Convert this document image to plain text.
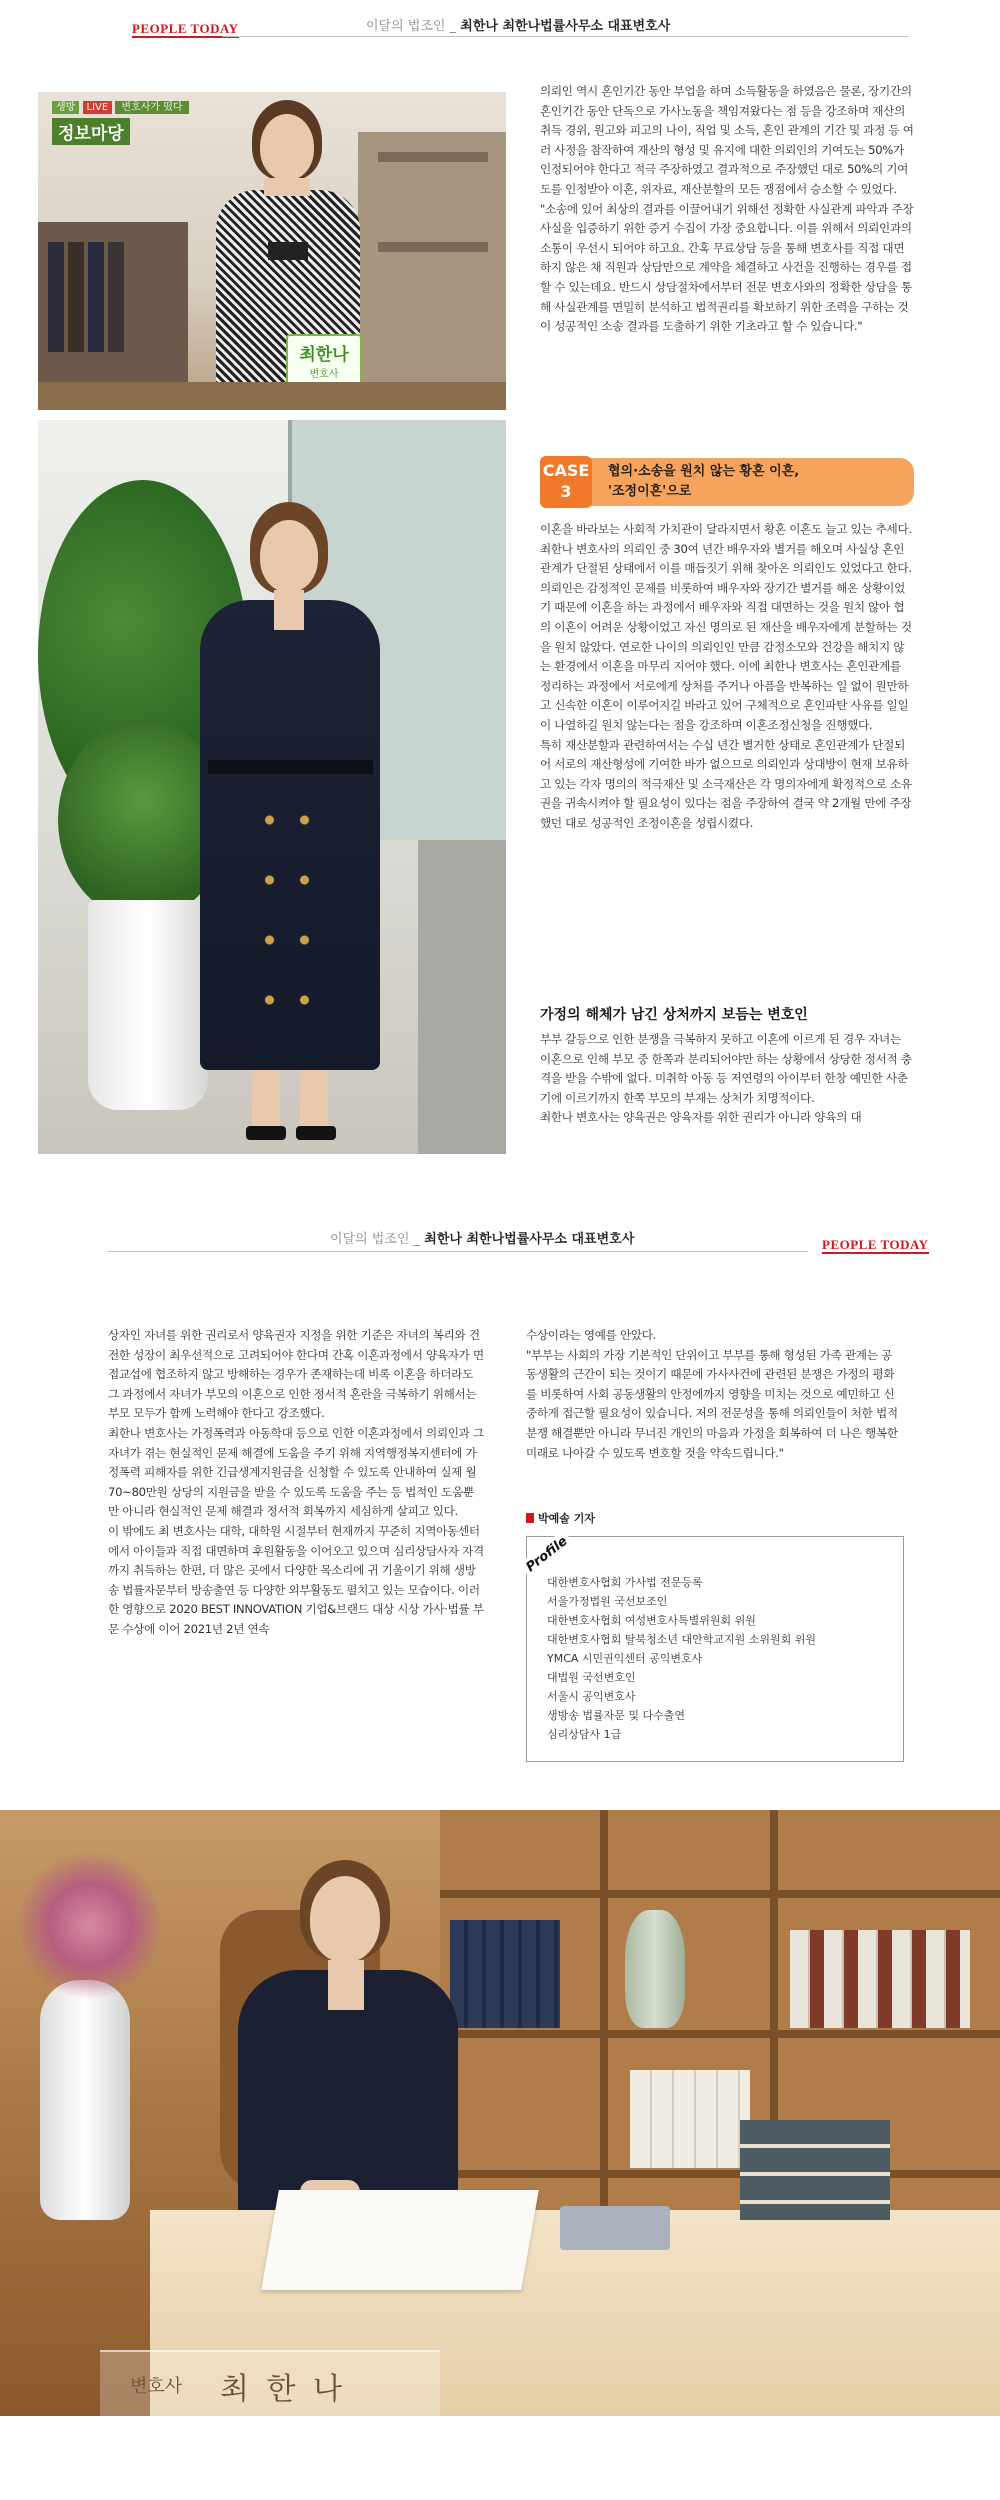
PEOPLE TODAY	이달의 법조인 _ 최한나 최한나법률사무소 대표변호사
생방 LIVE 변호사가 떴다
정보마당
최한나
변호사

의뢰인 역시 혼인기간 동안 부업을 하며 소득활동을 하였음은 물론, 장기간의 혼인기간 동안 단독으로 가사노동을 책임져왔다는 점 등을 강조하며 재산의 취득 경위, 원고와 피고의 나이, 직업 및 소득, 혼인 관계의 기간 및 과정 등 여러 사정을 참작하여 재산의 형성 및 유지에 대한 의뢰인의 기여도는 50%가 인정되어야 한다고 적극 주장하였고 결과적으로 주장했던 대로 50%의 기여도를 인정받아 이혼, 위자료, 재산분할의 모든 쟁점에서 승소할 수 있었다.

"소송에 있어 최상의 결과를 이끌어내기 위해선 정확한 사실관계 파악과 주장 사실을 입증하기 위한 증거 수집이 가장 중요합니다. 이를 위해서 의뢰인과의 소통이 우선시 되어야 하고요. 간혹 무료상담 등을 통해 변호사를 직접 대면하지 않은 채 직원과 상담만으로 계약을 체결하고 사건을 진행하는 경우를 접할 수 있는데요. 반드시 상담절차에서부터 전문 변호사와의 정확한 상담을 통해 사실관계를 면밀히 분석하고 법적권리를 확보하기 위한 조력을 구하는 것이 성공적인 소송 결과를 도출하기 위한 기초라고 할 수 있습니다."

CASE
3
협의·소송을 원치 않는 황혼 이혼,
'조정이혼'으로

이혼을 바라보는 사회적 가치관이 달라지면서 황혼 이혼도 늘고 있는 추세다. 최한나 변호사의 의뢰인 중 30여 년간 배우자와 별거를 해오며 사실상 혼인관계가 단절된 상태에서 이를 매듭짓기 위해 찾아온 의뢰인도 있었다고 한다.

의뢰인은 감정적인 문제를 비롯하여 배우자와 장기간 별거를 해온 상황이었기 때문에 이혼을 하는 과정에서 배우자와 직접 대면하는 것을 원치 않아 협의 이혼이 어려운 상황이었고 자신 명의로 된 재산을 배우자에게 분할하는 것을 원치 않았다. 연로한 나이의 의뢰인인 만큼 감정소모와 건강을 해치지 않는 환경에서 이혼을 마무리 지어야 했다. 이에 최한나 변호사는 혼인관계를 정리하는 과정에서 서로에게 상처를 주거나 아픔을 반복하는 일 없이 원만하고 신속한 이혼이 이루어지길 바라고 있어 구체적으로 혼인파탄 사유를 일일이 나열하길 원치 않는다는 점을 강조하며 이혼조정신청을 진행했다.

특히 재산분할과 관련하여서는 수십 년간 별거한 상태로 혼인관계가 단절되어 서로의 재산형성에 기여한 바가 없으므로 의뢰인과 상대방이 현재 보유하고 있는 각자 명의의 적극재산 및 소극재산은 각 명의자에게 확정적으로 소유권을 귀속시켜야 할 필요성이 있다는 점을 주장하여 결국 약 2개월 만에 주장했던 대로 성공적인 조정이혼을 성립시켰다.

가정의 해체가 남긴 상처까지 보듬는 변호인

부부 갈등으로 인한 분쟁을 극복하지 못하고 이혼에 이르게 된 경우 자녀는 이혼으로 인해 부모 중 한쪽과 분리되어야만 하는 상황에서 상당한 정서적 충격을 받을 수밖에 없다. 미취학 아동 등 저연령의 아이부터 한창 예민한 사춘기에 이르기까지 한쪽 부모의 부재는 상처가 치명적이다.

최한나 변호사는 양육권은 양육자를 위한 권리가 아니라 양육의 대

이달의 법조인 _ 최한나 최한나법률사무소 대표변호사	PEOPLE TODAY

상자인 자녀를 위한 권리로서 양육권자 지정을 위한 기준은 자녀의 복리와 건전한 성장이 최우선적으로 고려되어야 한다며 간혹 이혼과정에서 양육자가 면접교섭에 협조하지 않고 방해하는 경우가 존재하는데 비록 이혼을 하더라도 그 과정에서 자녀가 부모의 이혼으로 인한 정서적 혼란을 극복하기 위해서는 부모 모두가 함께 노력해야 한다고 강조했다.

최한나 변호사는 가정폭력과 아동학대 등으로 인한 이혼과정에서 의뢰인과 그 자녀가 겪는 현실적인 문제 해결에 도움을 주기 위해 지역행정복지센터에 가정폭력 피해자를 위한 긴급생계지원금을 신청할 수 있도록 안내하여 실제 월 70~80만원 상당의 지원금을 받을 수 있도록 도움을 주는 등 법적인 도움뿐만 아니라 현실적인 문제 해결과 정서적 회복까지 세심하게 살피고 있다.

이 밖에도 최 변호사는 대학, 대학원 시절부터 현재까지 꾸준히 지역아동센터에서 아이들과 직접 대면하며 후원활동을 이어오고 있으며 심리상담사자 자격까지 취득하는 한편, 더 많은 곳에서 다양한 목소리에 귀 기울이기 위해 생방송 법률자문부터 방송출연 등 다양한 외부활동도 펼치고 있는 모습이다. 이러한 영향으로 2020 BEST INNOVATION 기업&브랜드 대상 시상 가사·법률 부문 수상에 이어 2021년 2년 연속

수상이라는 영예를 안았다.

"부부는 사회의 가장 기본적인 단위이고 부부를 통해 형성된 가족 관계는 공동생활의 근간이 되는 것이기 때문에 가사사건에 관련된 분쟁은 가정의 평화를 비롯하여 사회 공동생활의 안정에까지 영향을 미치는 것으로 예민하고 신중하게 접근할 필요성이 있습니다. 저의 전문성을 통해 의뢰인들이 처한 법적 분쟁 해결뿐만 아니라 무너진 개인의 마음과 가정을 회복하여 더 나은 행복한 미래로 나아갈 수 있도록 변호할 것을 약속드립니다."

박예솔 기자
Profile
대한변호사협회 가사법 전문등록
서울가정법원 국선보조인
대한변호사협회 여성변호사특별위원회 위원
대한변호사협회 탈북청소년 대안학교지원 소위원회 위원
YMCA 시민권익센터 공익변호사
대법원 국선변호인
서울시 공익변호사
생방송 법률자문 및 다수출연
심리상담사 1급
변호사 최 한 나
